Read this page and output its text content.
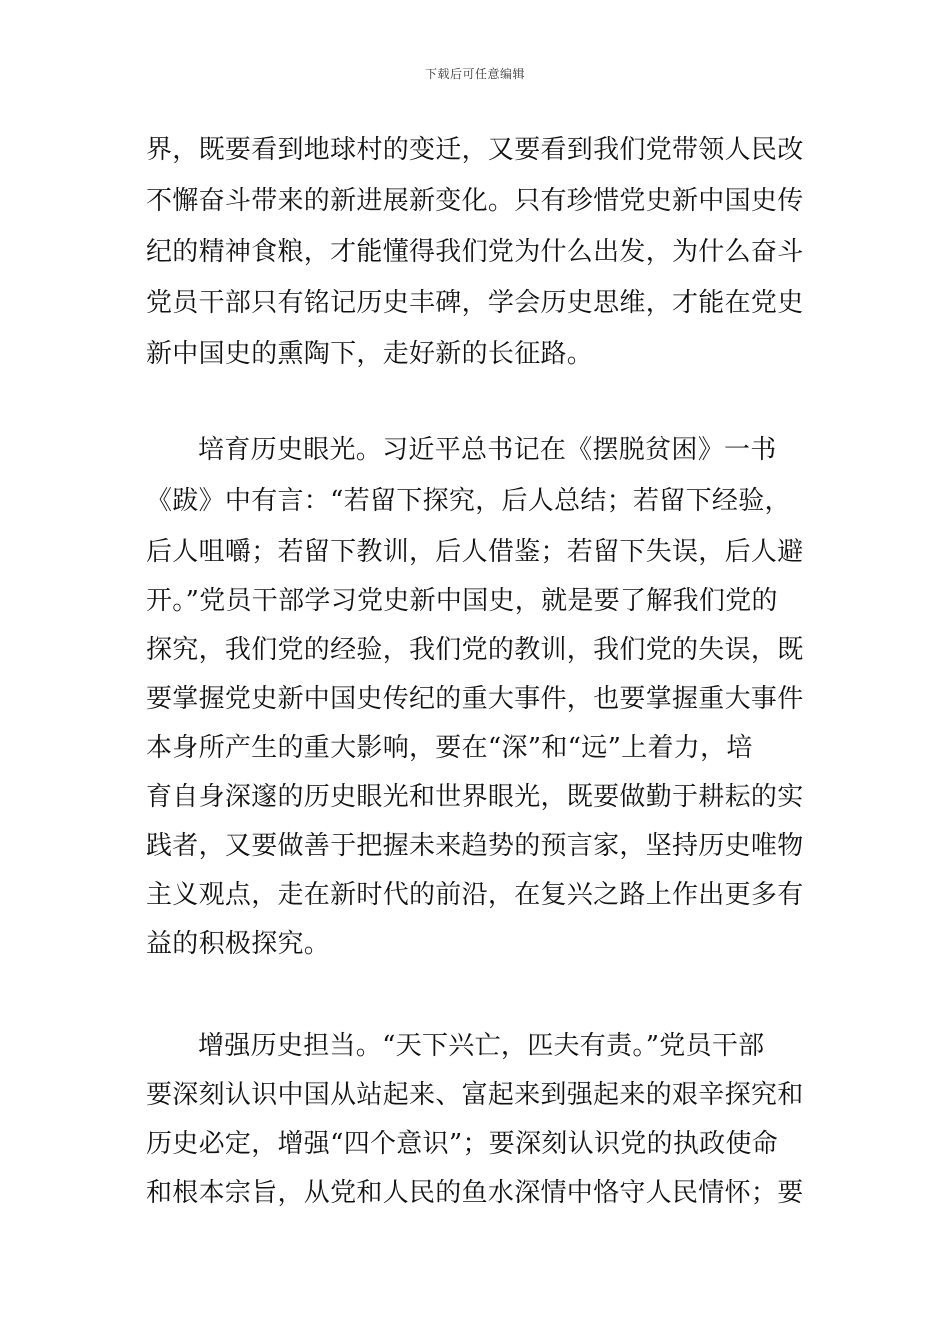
下载后可任意编辑
界，既要看到地球村的变迁，又要看到我们党带领人民改
不懈奋斗带来的新进展新变化。只有珍惜党史新中国史传
纪的精神食粮，才能懂得我们党为什么出发，为什么奋斗
党员干部只有铭记历史丰碑，学会历史思维，才能在党史
新中国史的熏陶下，走好新的长征路。
培育历史眼光。习近平总书记在《摆脱贫困》一书
《跋》中有言：“若留下探究，后人总结；若留下经验，
后人咀嚼；若留下教训，后人借鉴；若留下失误，后人避
开。”党员干部学习党史新中国史，就是要了解我们党的
探究，我们党的经验，我们党的教训，我们党的失误，既
要掌握党史新中国史传纪的重大事件，也要掌握重大事件
本身所产生的重大影响，要在“深”和“远”上着力，培
育自身深邃的历史眼光和世界眼光，既要做勤于耕耘的实
践者，又要做善于把握未来趋势的预言家，坚持历史唯物
主义观点，走在新时代的前沿，在复兴之路上作出更多有
益的积极探究。
增强历史担当。“天下兴亡，匹夫有责。”党员干部
要深刻认识中国从站起来、富起来到强起来的艰辛探究和
历史必定，增强“四个意识”；要深刻认识党的执政使命
和根本宗旨，从党和人民的鱼水深情中恪守人民情怀；要
